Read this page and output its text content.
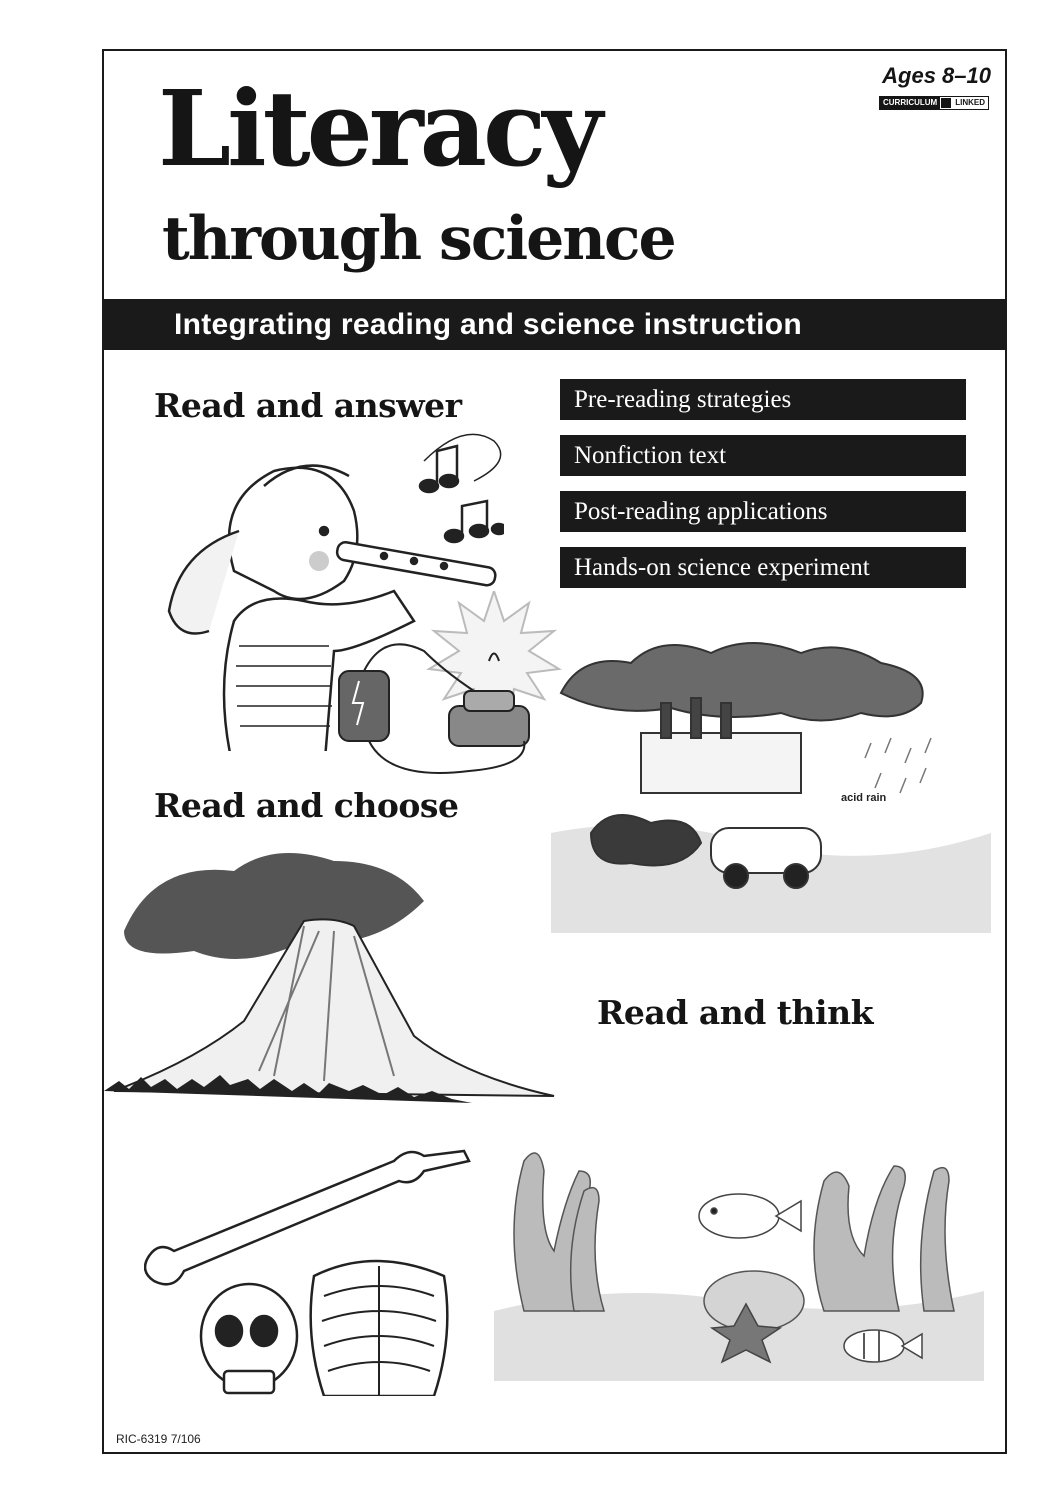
Ages 8–10
CURRICULUM	LINKED
Literacy
through science
Integrating reading and science instruction
Read and answer	Pre-reading strategies
Nonfiction text
Post-reading applications
Hands-on science experiment
acid rain
Read and choose
Read and think
RIC-6319 7/106
